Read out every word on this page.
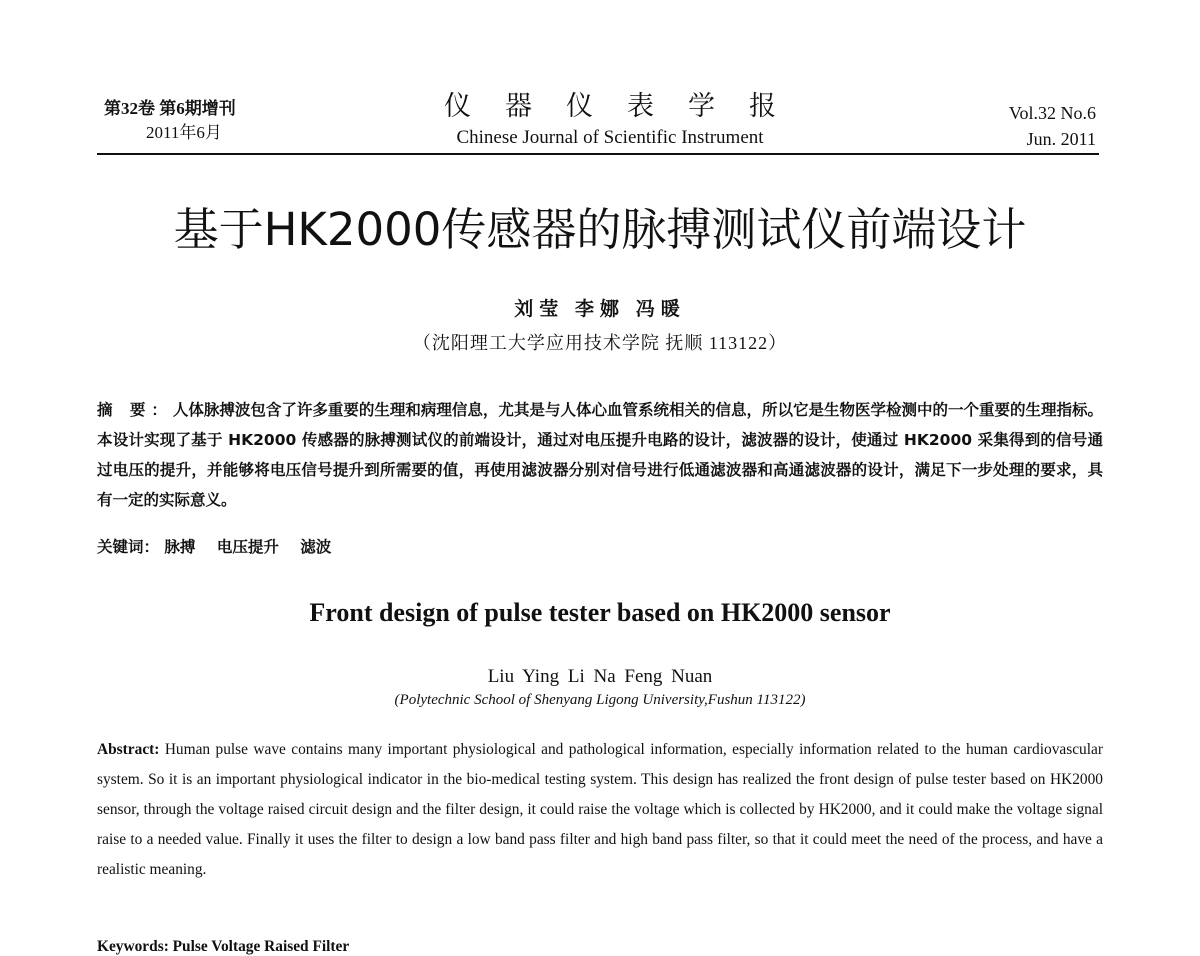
第32卷 第6期增刊
2011年6月
仪器仪表学报
Chinese Journal of Scientific Instrument
Vol.32 No.6
Jun. 2011
基于HK2000传感器的脉搏测试仪前端设计
刘莹 李娜 冯暖
（沈阳理工大学应用技术学院 抚顺 113122）
摘 要：人体脉搏波包含了许多重要的生理和病理信息，尤其是与人体心血管系统相关的信息，所以它是生物医学检测中的一个重要的生理指标。本设计实现了基于 HK2000 传感器的脉搏测试仪的前端设计，通过对电压提升电路的设计，滤波器的设计，使通过 HK2000 采集得到的信号通过电压的提升，并能够将电压信号提升到所需要的值，再使用滤波器分别对信号进行低通滤波器和高通滤波器的设计，满足下一步处理的要求，具有一定的实际意义。
关键词： 脉搏 电压提升 滤波
Front design of pulse tester based on HK2000 sensor
Liu Ying Li Na Feng Nuan
(Polytechnic School of Shenyang Ligong University,Fushun 113122)
Abstract: Human pulse wave contains many important physiological and pathological information, especially information related to the human cardiovascular system. So it is an important physiological indicator in the bio-medical testing system. This design has realized the front design of pulse tester based on HK2000 sensor, through the voltage raised circuit design and the filter design, it could raise the voltage which is collected by HK2000, and it could make the voltage signal raise to a needed value. Finally it uses the filter to design a low band pass filter and high band pass filter, so that it could meet the need of the process, and have a realistic meaning.
Keywords: Pulse Voltage Raised Filter
